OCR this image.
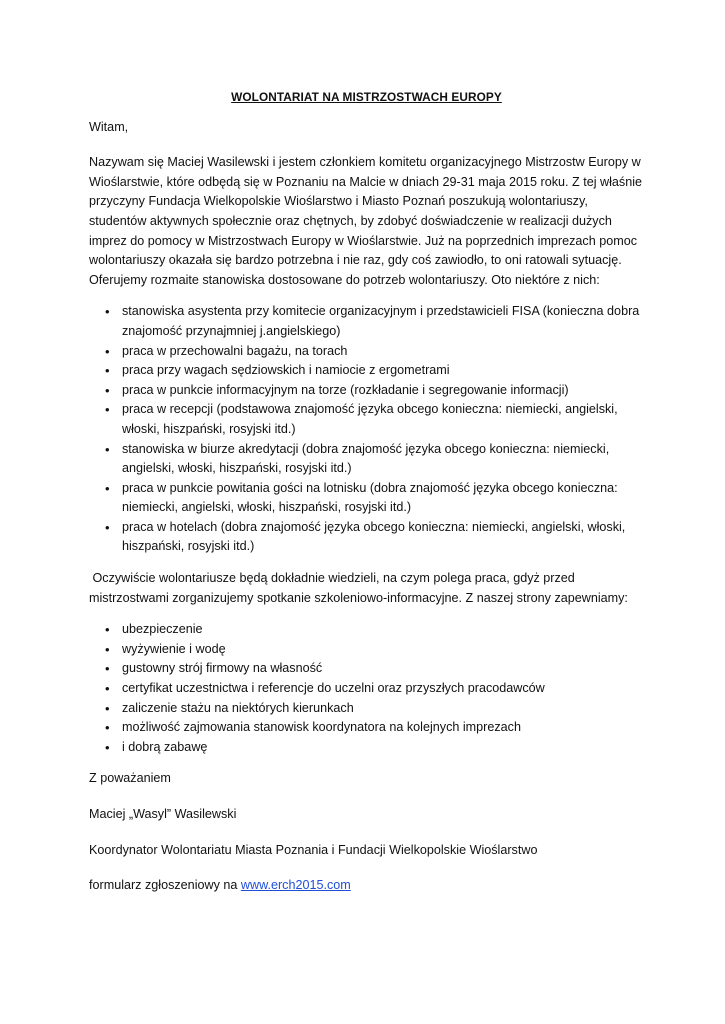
WOLONTARIAT NA MISTRZOSTWACH EUROPY

Witam,

Nazywam się Maciej Wasilewski i jestem członkiem komitetu organizacyjnego Mistrzostw Europy w Wioślarstwie, które odbędą się w Poznaniu na Malcie w dniach 29-31 maja 2015 roku. Z tej właśnie przyczyny Fundacja Wielkopolskie Wioślarstwo i Miasto Poznań poszukują wolontariuszy, studentów aktywnych społecznie oraz chętnych, by zdobyć doświadczenie w realizacji dużych imprez do pomocy w Mistrzostwach Europy w Wioślarstwie. Już na poprzednich imprezach pomoc wolontariuszy okazała się bardzo potrzebna i nie raz, gdy coś zawiodło, to oni ratowali sytuację. Oferujemy rozmaite stanowiska dostosowane do potrzeb wolontariuszy. Oto niektóre z nich:

• stanowiska asystenta przy komitecie organizacyjnym i przedstawicieli FISA (konieczna dobra znajomość przynajmniej j.angielskiego)
• praca w przechowalni bagażu, na torach
• praca przy wagach sędziowskich i namiocie z ergometrami
• praca w punkcie informacyjnym na torze (rozkładanie i segregowanie informacji)
• praca w recepcji (podstawowa znajomość języka obcego konieczna: niemiecki, angielski, włoski, hiszpański, rosyjski itd.)
• stanowiska w biurze akredytacji (dobra znajomość języka obcego konieczna: niemiecki, angielski, włoski, hiszpański, rosyjski itd.)
• praca w punkcie powitania gości na lotnisku (dobra znajomość języka obcego konieczna: niemiecki, angielski, włoski, hiszpański, rosyjski itd.)
• praca w hotelach (dobra znajomość języka obcego konieczna: niemiecki, angielski, włoski, hiszpański, rosyjski itd.)

Oczywiście wolontariusze będą dokładnie wiedzieli, na czym polega praca, gdyż przed mistrzostwami zorganizujemy spotkanie szkoleniowo-informacyjne. Z naszej strony zapewniamy:

• ubezpieczenie
• wyżywienie i wodę
• gustowny strój firmowy na własność
• certyfikat uczestnictwa i referencje do uczelni oraz przyszłych pracodawców
• zaliczenie stażu na niektórych kierunkach
• możliwość zajmowania stanowisk koordynatora na kolejnych imprezach
• i dobrą zabawę

Z poważaniem

Maciej „Wasyl” Wasilewski

Koordynator Wolontariatu Miasta Poznania i Fundacji Wielkopolskie Wioślarstwo

formularz zgłoszeniowy na www.erch2015.com
